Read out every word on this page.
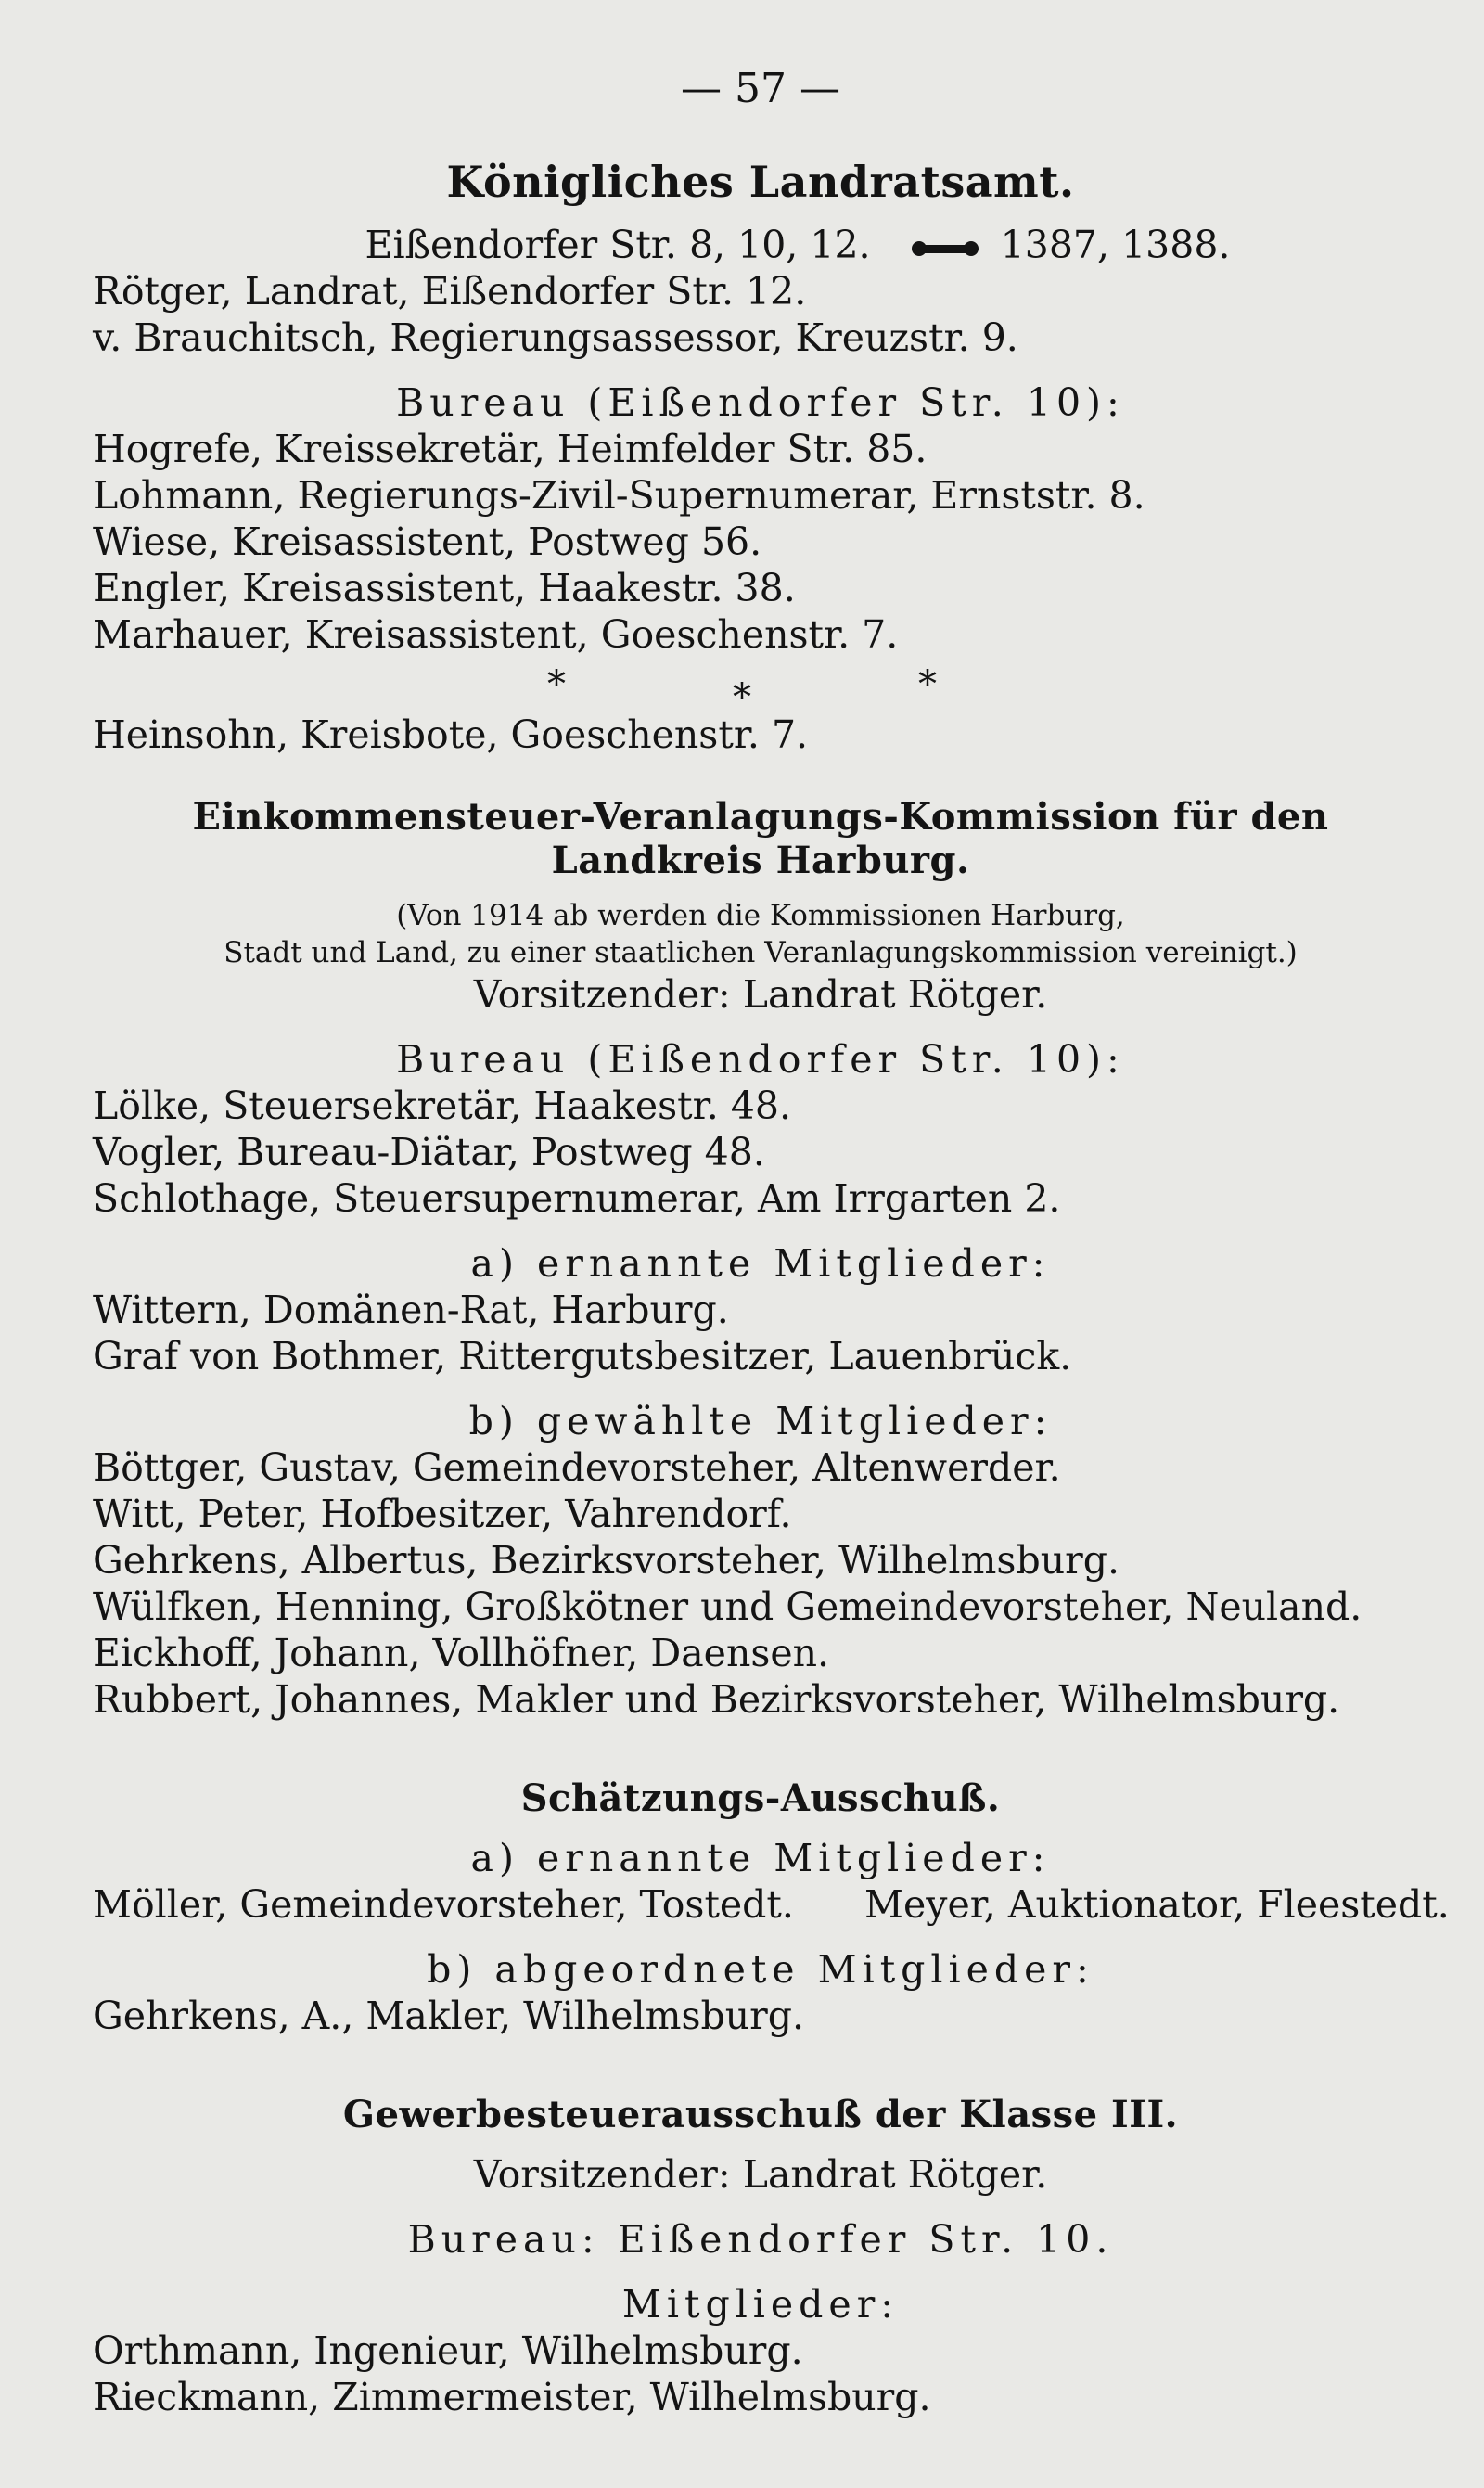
— 57 —
Königliches Landratsamt.
Eißendorfer Str. 8, 10, 12.	1387, 1388.
Rötger, Landrat, Eißendorfer Str. 12.
v. Brauchitsch, Regierungsassessor, Kreuzstr. 9.
Bureau (Eißendorfer Str. 10):
Hogrefe, Kreissekretär, Heimfelder Str. 85.
Lohmann, Regierungs-Zivil-Supernumerar, Ernststr. 8.
Wiese, Kreisassistent, Postweg 56.
Engler, Kreisassistent, Haakestr. 38.
Marhauer, Kreisassistent, Goeschenstr. 7.
*	*	*
Heinsohn, Kreisbote, Goeschenstr. 7.
Einkommensteuer-Veranlagungs-Kommission für den Landkreis Harburg.
(Von 1914 ab werden die Kommissionen Harburg,
Stadt und Land, zu einer staatlichen Veranlagungskommission vereinigt.)
Vorsitzender: Landrat Rötger.
Bureau (Eißendorfer Str. 10):
Lölke, Steuersekretär, Haakestr. 48.
Vogler, Bureau-Diätar, Postweg 48.
Schlothage, Steuersupernumerar, Am Irrgarten 2.
a) ernannte Mitglieder:
Wittern, Domänen-Rat, Harburg.
Graf von Bothmer, Rittergutsbesitzer, Lauenbrück.
b) gewählte Mitglieder:
Böttger, Gustav, Gemeindevorsteher, Altenwerder.
Witt, Peter, Hofbesitzer, Vahrendorf.
Gehrkens, Albertus, Bezirksvorsteher, Wilhelmsburg.
Wülfken, Henning, Großkötner und Gemeindevorsteher, Neuland.
Eickhoff, Johann, Vollhöfner, Daensen.
Rubbert, Johannes, Makler und Bezirksvorsteher, Wilhelmsburg.
Schätzungs-Ausschuß.
a) ernannte Mitglieder:
Möller, Gemeindevorsteher, Tostedt. Meyer, Auktionator, Fleestedt.
b) abgeordnete Mitglieder:
Gehrkens, A., Makler, Wilhelmsburg.
Gewerbesteuerausschuß der Klasse III.
Vorsitzender: Landrat Rötger.
Bureau: Eißendorfer Str. 10.
Mitglieder:
Orthmann, Ingenieur, Wilhelmsburg.
Rieckmann, Zimmermeister, Wilhelmsburg.
